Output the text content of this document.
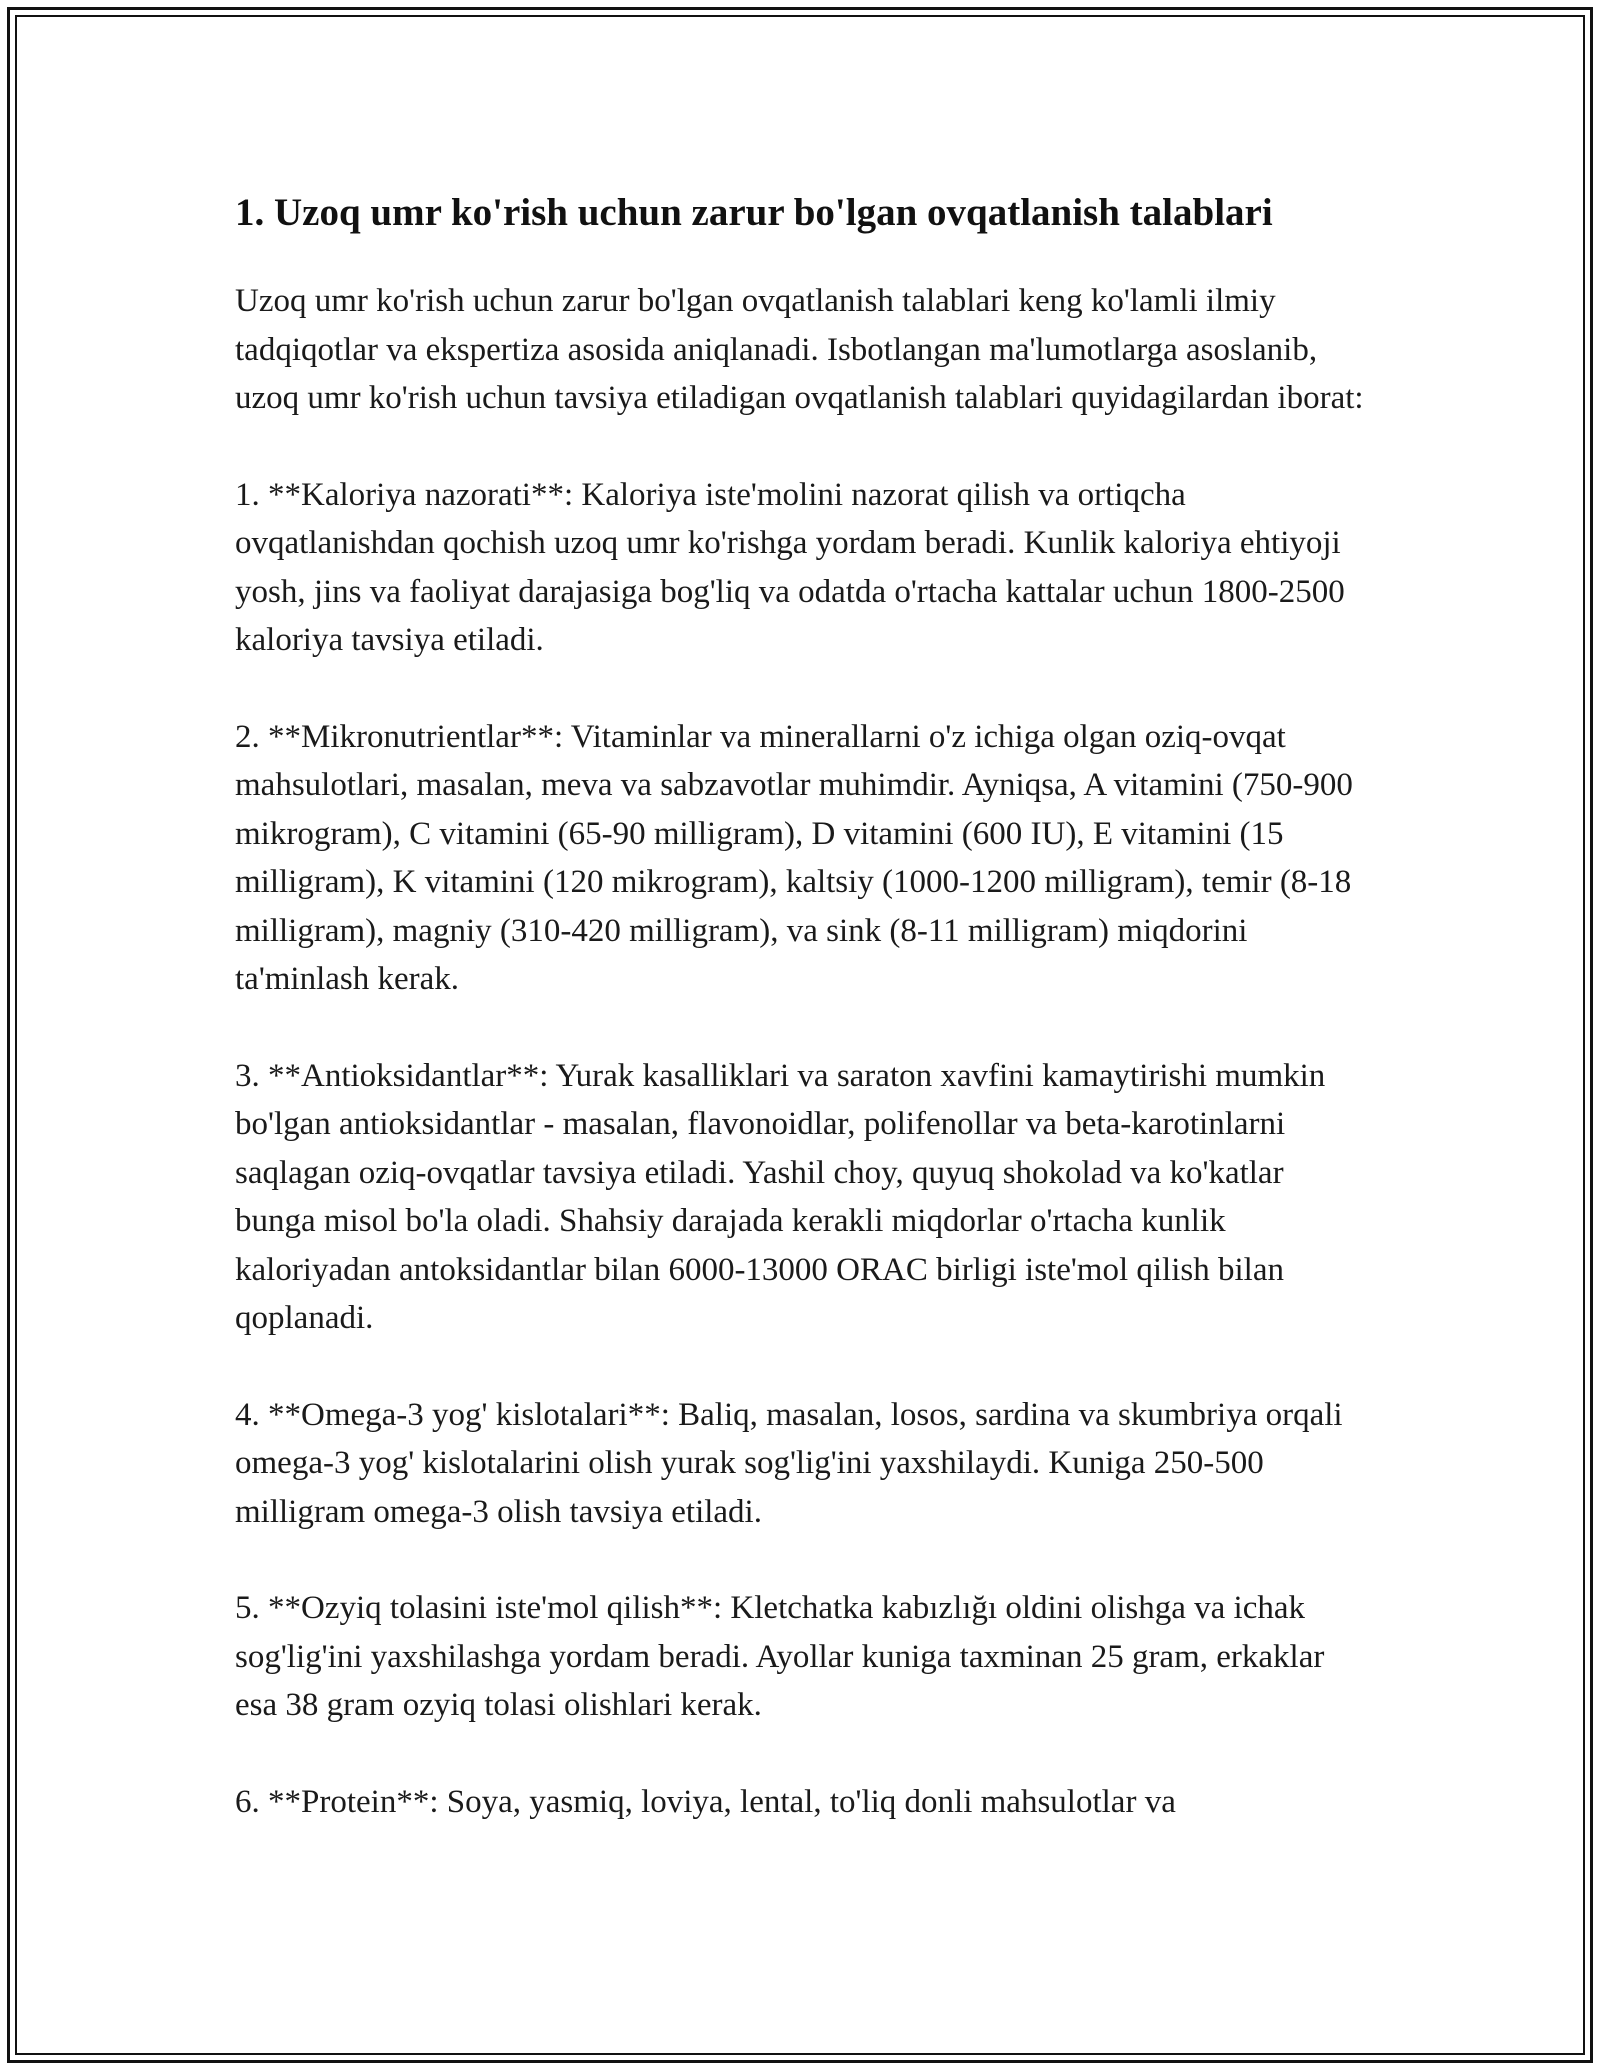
1. Uzoq umr ko'rish uchun zarur bo'lgan ovqatlanish talablari

Uzoq umr ko'rish uchun zarur bo'lgan ovqatlanish talablari keng ko'lamli ilmiy tadqiqotlar va ekspertiza asosida aniqlanadi. Isbotlangan ma'lumotlarga asoslanib, uzoq umr ko'rish uchun tavsiya etiladigan ovqatlanish talablari quyidagilardan iborat:

1. **Kaloriya nazorati**: Kaloriya iste'molini nazorat qilish va ortiqcha ovqatlanishdan qochish uzoq umr ko'rishga yordam beradi. Kunlik kaloriya ehtiyoji yosh, jins va faoliyat darajasiga bog'liq va odatda o'rtacha kattalar uchun 1800-2500 kaloriya tavsiya etiladi.

2. **Mikronutrientlar**: Vitaminlar va minerallarni o'z ichiga olgan oziq-ovqat mahsulotlari, masalan, meva va sabzavotlar muhimdir. Ayniqsa, A vitamini (750-900 mikrogram), C vitamini (65-90 milligram), D vitamini (600 IU), E vitamini (15 milligram), K vitamini (120 mikrogram), kaltsiy (1000-1200 milligram), temir (8-18 milligram), magniy (310-420 milligram), va sink (8-11 milligram) miqdorini ta'minlash kerak.

3. **Antioksidantlar**: Yurak kasalliklari va saraton xavfini kamaytirishi mumkin bo'lgan antioksidantlar - masalan, flavonoidlar, polifenollar va beta-karotinlarni saqlagan oziq-ovqatlar tavsiya etiladi. Yashil choy, quyuq shokolad va ko'katlar bunga misol bo'la oladi. Shahsiy darajada kerakli miqdorlar o'rtacha kunlik kaloriyadan antoksidantlar bilan 6000-13000 ORAC birligi iste'mol qilish bilan qoplanadi.

4. **Omega-3 yog' kislotalari**: Baliq, masalan, losos, sardina va skumbriya orqali omega-3 yog' kislotalarini olish yurak sog'lig'ini yaxshilaydi. Kuniga 250-500 milligram omega-3 olish tavsiya etiladi.

5. **Ozyiq tolasini iste'mol qilish**: Kletchatka kabızlığı oldini olishga va ichak sog'lig'ini yaxshilashga yordam beradi. Ayollar kuniga taxminan 25 gram, erkaklar esa 38 gram ozyiq tolasi olishlari kerak.

6. **Protein**: Soya, yasmiq, loviya, lental, to'liq donli mahsulotlar va
